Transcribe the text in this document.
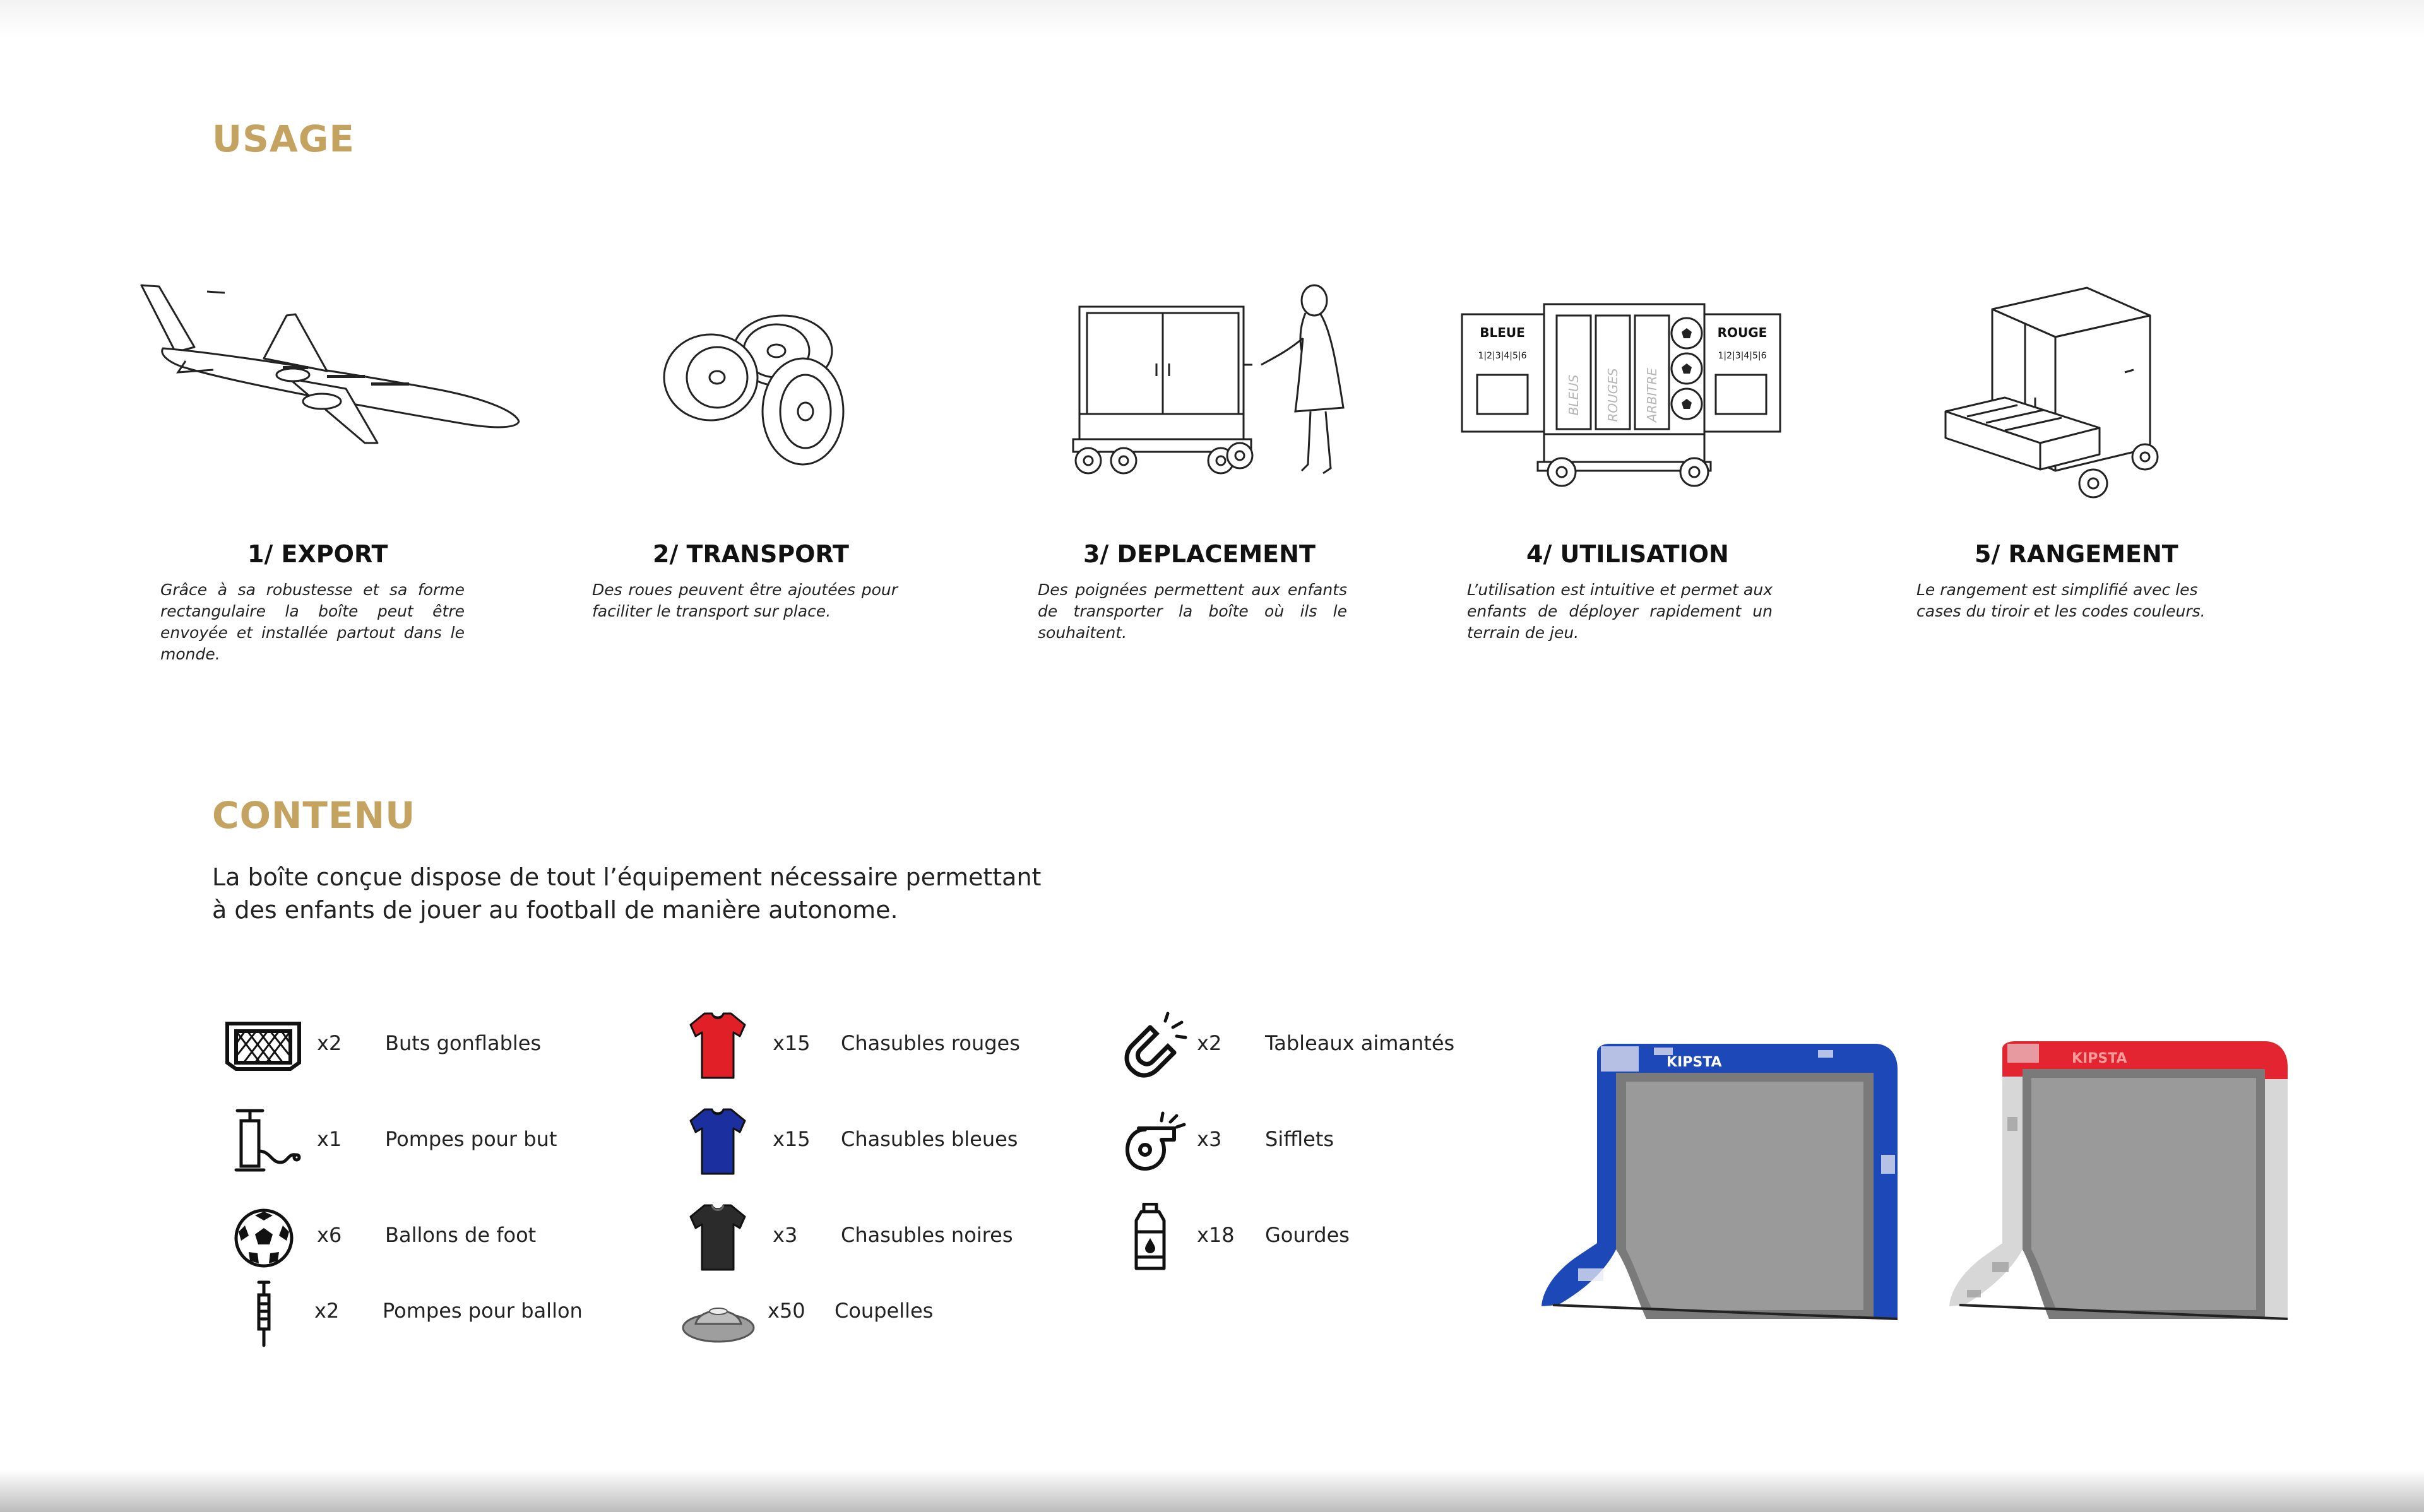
USAGE
1/ EXPORT
Grâce à sa robustesse et sa forme rectangulaire la boîte peut être envoyée et installée partout dans le monde.
2/ TRANSPORT
Des roues peuvent être ajoutées pour faciliter le transport sur place.
3/ DEPLACEMENT
Des poignées permettent aux enfants de transporter la boîte où ils le souhaitent.
BLEUE	ROUGE
1|2|3|4|5|6	1|2|3|4|5|6
BLEUS ROUGES ARBITRE
4/ UTILISATION
L’utilisation est intuitive et permet aux enfants de déployer rapidement un terrain de jeu.
5/ RANGEMENT
Le rangement est simplifié avec les cases du tiroir et les codes couleurs.
CONTENU
La boîte conçue dispose de tout l’équipement nécessaire permettant
à des enfants de jouer au football de manière autonome.
x2 Buts gonflables
x1 Pompes pour but
x6 Ballons de foot
x2 Pompes pour ballon
x15 Chasubles rouges
x15 Chasubles bleues
x3 Chasubles noires
x50 Coupelles
x2 Tableaux aimantés
x3 Sifflets
x18 Gourdes
KIPSTA	KIPSTA
